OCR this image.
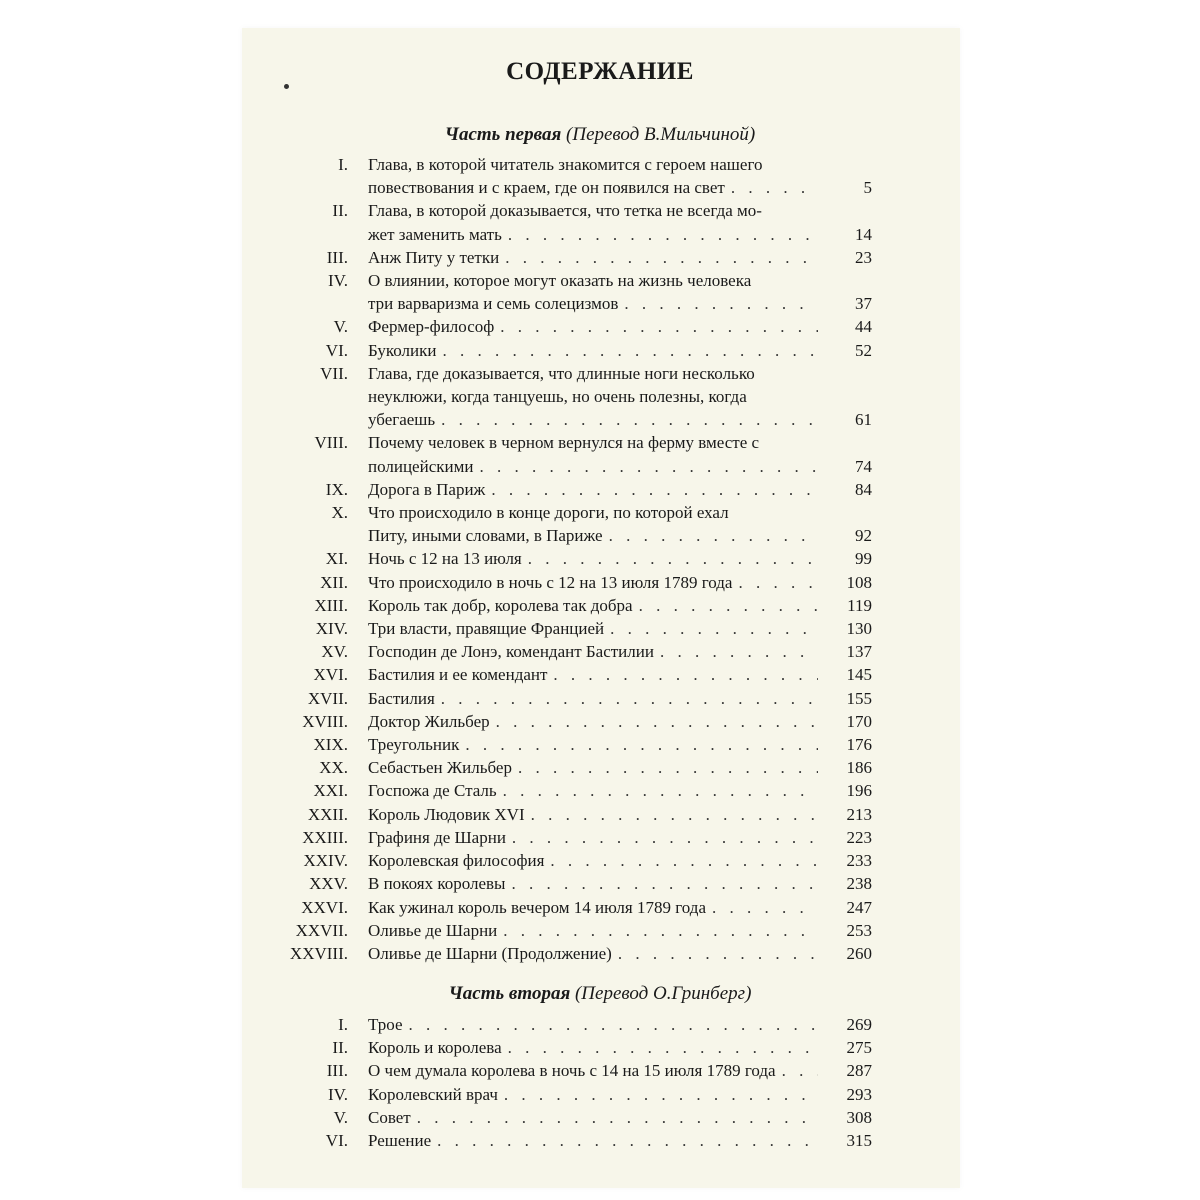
СОДЕРЖАНИЕ
Часть первая (Перевод В.Мильчиной)
I. Глава, в которой читатель знакомится с героем нашего
повествования и с краем, где он появился на свет . . .	5
II. Глава, в которой доказывается, что тетка не всегда мо-
жет заменить мать . . .	14
III. Анж Питу у тетки . . .	23
IV. О влиянии, которое могут оказать на жизнь человека
три варваризма и семь солецизмов . . .	37
V. Фермер-философ . . .	44
VI. Буколики . . .	52
VII. Глава, где доказывается, что длинные ноги несколько
неуклюжи, когда танцуешь, но очень полезны, когда
убегаешь . . .	61
VIII. Почему человек в черном вернулся на ферму вместе с
полицейскими . . .	74
IX. Дорога в Париж . . .	84
X. Что происходило в конце дороги, по которой ехал
Питу, иными словами, в Париже . . .	92
XI. Ночь с 12 на 13 июля . . .	99
XII. Что происходило в ночь с 12 на 13 июля 1789 года . . .	108
XIII. Король так добр, королева так добра . . .	119
XIV. Три власти, правящие Францией . . .	130
XV. Господин де Лонэ, комендант Бастилии . . .	137
XVI. Бастилия и ее комендант . . .	145
XVII. Бастилия . . .	155
XVIII. Доктор Жильбер . . .	170
XIX. Треугольник . . .	176
XX. Себастьен Жильбер . . .	186
XXI. Госпожа де Сталь . . .	196
XXII. Король Людовик XVI . . .	213
XXIII. Графиня де Шарни . . .	223
XXIV. Королевская философия . . .	233
XXV. В покоях королевы . . .	238
XXVI. Как ужинал король вечером 14 июля 1789 года . . .	247
XXVII. Оливье де Шарни . . .	253
XXVIII. Оливье де Шарни (Продолжение) . . .	260
Часть вторая (Перевод О.Гринберг)
I. Трое . . .	269
II. Король и королева . . .	275
III. О чем думала королева в ночь с 14 на 15 июля 1789 года . . .	287
IV. Королевский врач . . .	293
V. Совет . . .	308
VI. Решение . . .	315
